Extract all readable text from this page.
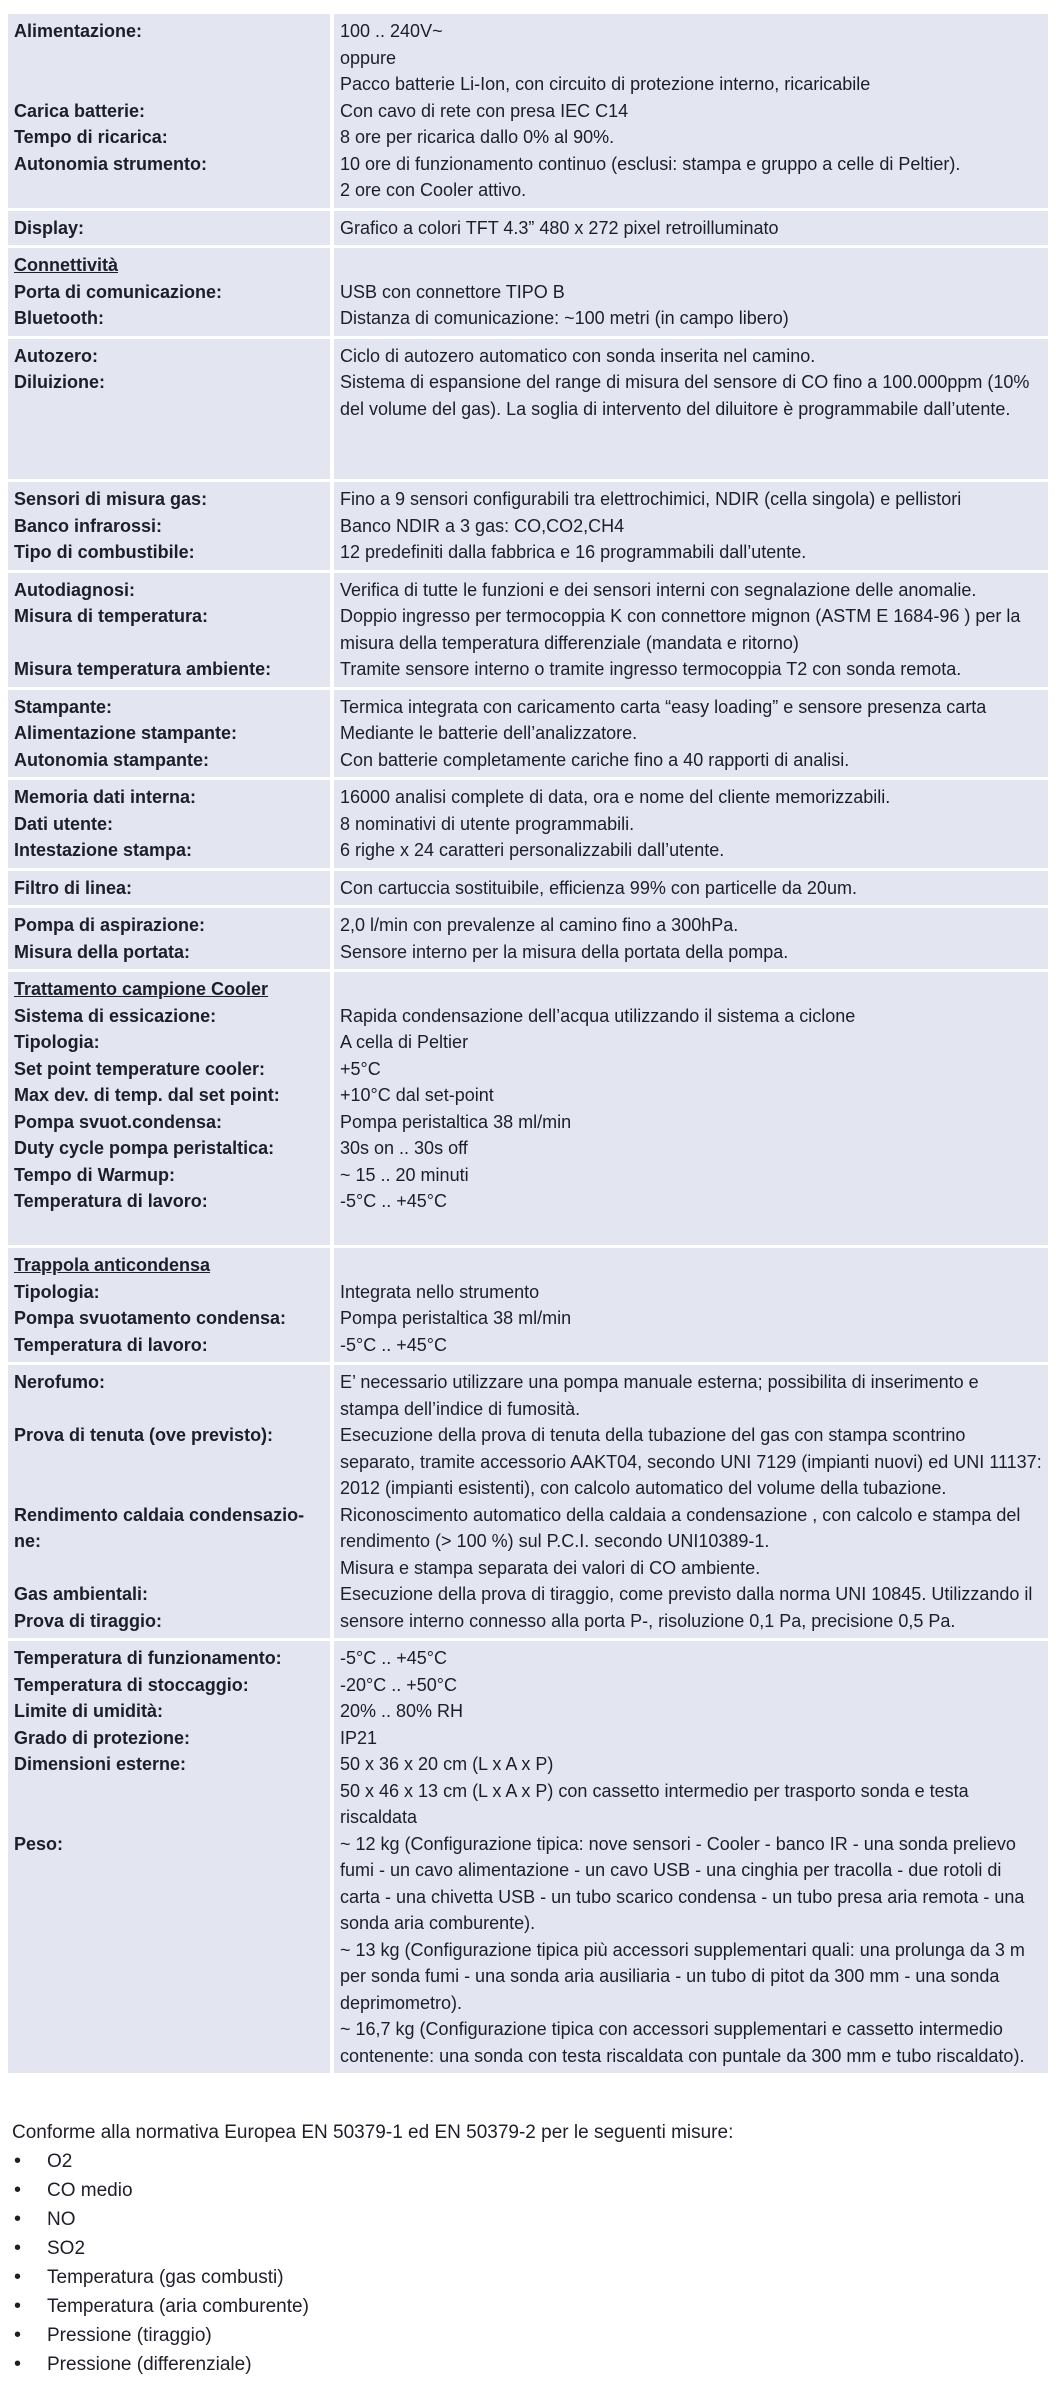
Alimentazione:
Carica batterie:
Tempo di ricarica:
Autonomia strumento:
100 .. 240V~
oppure
Pacco batterie Li-Ion, con circuito di protezione interno, ricaricabile
Con cavo di rete con presa IEC C14
8 ore per ricarica dallo 0% al 90%.
10 ore di funzionamento continuo (esclusi: stampa e gruppo a celle di Peltier).
2 ore con Cooler attivo.
Display:	Grafico a colori TFT 4.3” 480 x 272 pixel retroilluminato
Connettività
Porta di comunicazione:
Bluetooth:
USB con connettore TIPO B
Distanza di comunicazione: ~100 metri (in campo libero)
Autozero:
Diluizione:
Ciclo di autozero automatico con sonda inserita nel camino.
Sistema di espansione del range di misura del sensore di CO fino a 100.000ppm (10% del volume del gas). La soglia di intervento del diluitore è programmabile dall’utente.
Sensori di misura gas:
Banco infrarossi:
Tipo di combustibile:
Fino a 9 sensori configurabili tra elettrochimici, NDIR (cella singola) e pellistori
Banco NDIR a 3 gas: CO,CO2,CH4
12 predefiniti dalla fabbrica e 16 programmabili dall’utente.
Autodiagnosi:
Misura di temperatura:
Misura temperatura ambiente:
Verifica di tutte le funzioni e dei sensori interni con segnalazione delle anomalie.
Doppio ingresso per termocoppia K con connettore mignon (ASTM E 1684-96 ) per la misura della temperatura differenziale (mandata e ritorno)
Tramite sensore interno o tramite ingresso termocoppia T2 con sonda remota.
Stampante:
Alimentazione stampante:
Autonomia stampante:
Termica integrata con caricamento carta “easy loading” e sensore presenza carta
Mediante le batterie dell’analizzatore.
Con batterie completamente cariche fino a 40 rapporti di analisi.
Memoria dati interna:
Dati utente:
Intestazione stampa:
16000 analisi complete di data, ora e nome del cliente memorizzabili.
8 nominativi di utente programmabili.
6 righe x 24 caratteri personalizzabili dall’utente.
Filtro di linea:	Con cartuccia sostituibile, efficienza 99% con particelle da 20um.
Pompa di aspirazione:
Misura della portata:
2,0 l/min con prevalenze al camino fino a 300hPa.
Sensore interno per la misura della portata della pompa.
Trattamento campione Cooler
Sistema di essicazione:
Tipologia:
Set point temperature cooler:
Max dev. di temp. dal set point:
Pompa svuot.condensa:
Duty cycle pompa peristaltica:
Tempo di Warmup:
Temperatura di lavoro:
Rapida condensazione dell’acqua utilizzando il sistema a ciclone
A cella di Peltier
+5°C
+10°C dal set-point
Pompa peristaltica 38 ml/min
30s on .. 30s off
~ 15 .. 20 minuti
-5°C .. +45°C
Trappola anticondensa
Tipologia:
Pompa svuotamento condensa:
Temperatura di lavoro:
Integrata nello strumento
Pompa peristaltica 38 ml/min
-5°C .. +45°C
Nerofumo:
Prova di tenuta (ove previsto):
Rendimento caldaia condensazio-
ne:
Gas ambientali:
Prova di tiraggio:
E’ necessario utilizzare una pompa manuale esterna; possibilita di inserimento e stampa dell’indice di fumosità.
Esecuzione della prova di tenuta della tubazione del gas con stampa scontrino separato, tramite accessorio AAKT04, secondo UNI 7129 (impianti nuovi) ed UNI 11137: 2012 (impianti esistenti), con calcolo automatico del volume della tubazione.
Riconoscimento automatico della caldaia a condensazione , con calcolo e stampa del rendimento (> 100 %) sul P.C.I. secondo UNI10389-1.
Misura e stampa separata dei valori di CO ambiente.
Esecuzione della prova di tiraggio, come previsto dalla norma UNI 10845. Utilizzando il sensore interno connesso alla porta P-, risoluzione 0,1 Pa, precisione 0,5 Pa.
Temperatura di funzionamento:
Temperatura di stoccaggio:
Limite di umidità:
Grado di protezione:
Dimensioni esterne:
Peso:
-5°C .. +45°C
-20°C .. +50°C
20% .. 80% RH
IP21
50 x 36 x 20 cm (L x A x P)
50 x 46 x 13 cm (L x A x P) con cassetto intermedio per trasporto sonda e testa riscaldata
~ 12 kg (Configurazione tipica: nove sensori - Cooler - banco IR - una sonda prelievo fumi - un cavo alimentazione - un cavo USB - una cinghia per tracolla - due rotoli di carta - una chivetta USB - un tubo scarico condensa - un tubo presa aria remota - una sonda aria comburente).
~ 13 kg (Configurazione tipica più accessori supplementari quali: una prolunga da 3 m per sonda fumi - una sonda aria ausiliaria - un tubo di pitot da 300 mm - una sonda deprimometro).
~ 16,7 kg (Configurazione tipica con accessori supplementari e cassetto intermedio contenente: una sonda con testa riscaldata con puntale da 300 mm e tubo riscaldato).
Conforme alla normativa Europea EN 50379-1 ed EN 50379-2 per le seguenti misure:
• O2
• CO medio
• NO
• SO2
• Temperatura (gas combusti)
• Temperatura (aria comburente)
• Pressione (tiraggio)
• Pressione (differenziale)
